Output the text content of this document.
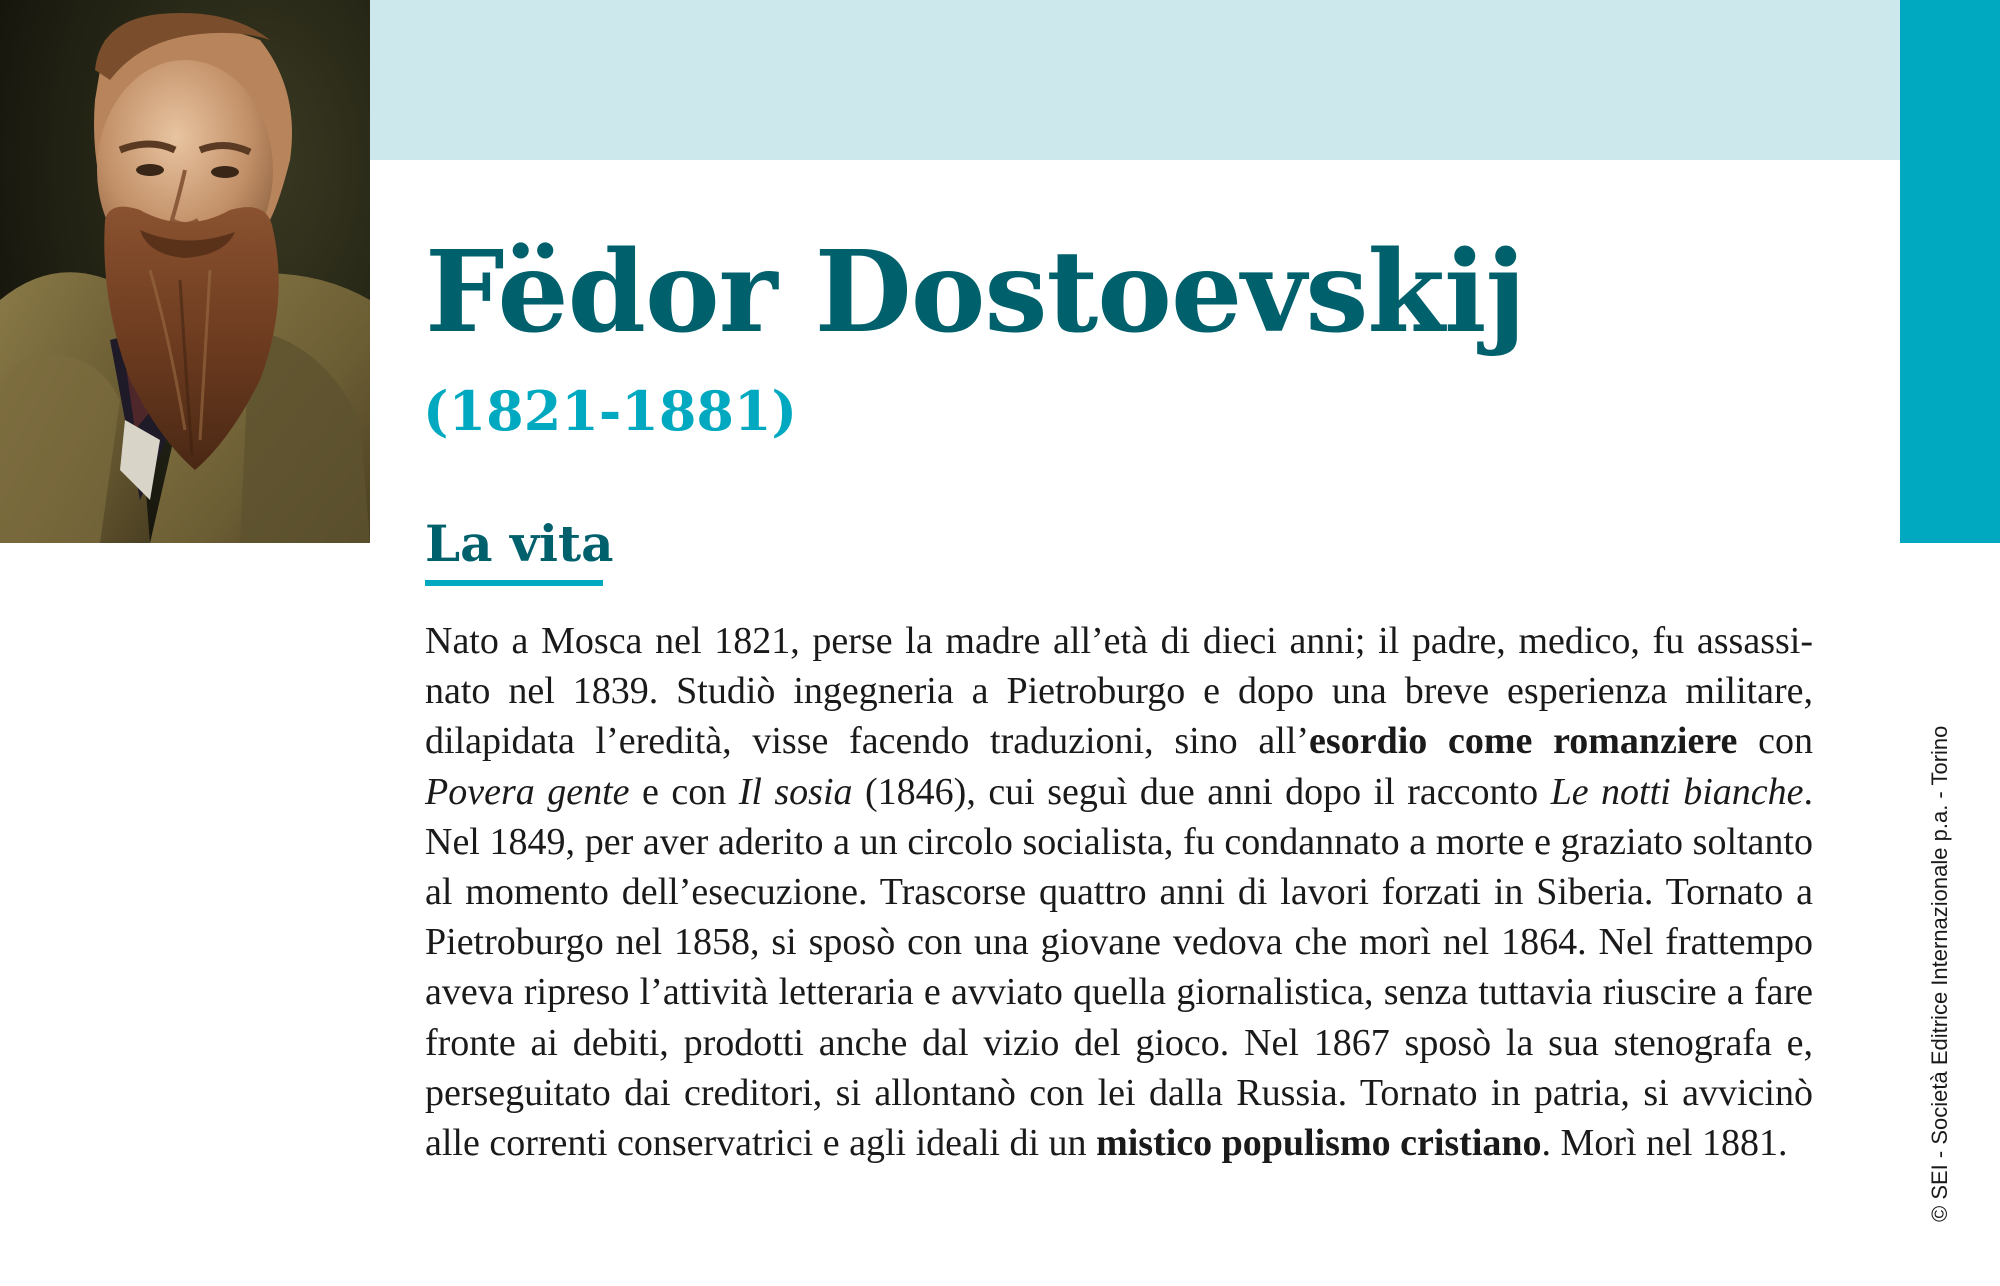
Fëdor Dostoevskij
(1821-1881)
La vita

Nato a Mosca nel 1821, perse la madre all’età di dieci anni; il padre, medico, fu assassinato nel 1839. Studiò ingegneria a Pietroburgo e dopo una breve esperienza militare, dilapidata l’eredità, visse facendo traduzioni, sino all’esordio come romanziere con Povera gente e con Il sosia (1846), cui seguì due anni dopo il racconto Le notti bianche. Nel 1849, per aver aderito a un circolo socialista, fu condannato a morte e graziato soltanto al momento dell’esecuzione. Trascorse quattro anni di lavori forzati in Siberia. Tornato a Pietroburgo nel 1858, si sposò con una giovane vedova che morì nel 1864. Nel frattempo aveva ripreso l’attività letteraria e avviato quella giornalistica, senza tuttavia riuscire a fare fronte ai debiti, prodotti anche dal vizio del gioco. Nel 1867 sposò la sua stenografa e, perseguitato dai creditori, si allontanò con lei dalla Russia. Tornato in patria, si avvicinò alle correnti conservatrici e agli ideali di un mistico populismo cristiano. Morì nel 1881.	© SEI - Società Editrice Internazionale p.a. - Torino
